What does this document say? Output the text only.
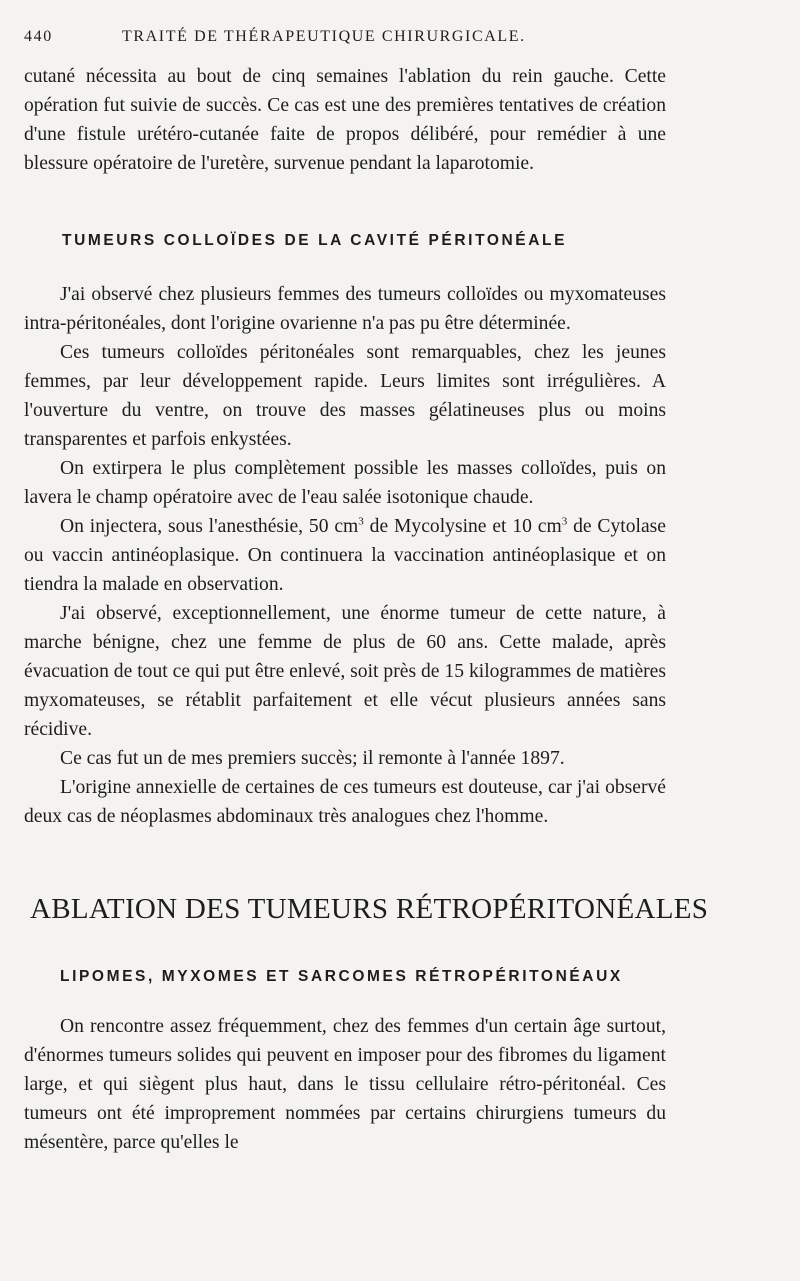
440	TRAITÉ DE THÉRAPEUTIQUE CHIRURGICALE.

cutané nécessita au bout de cinq semaines l'ablation du rein gauche. Cette opération fut suivie de succès. Ce cas est une des premières tentatives de création d'une fistule urétéro-cutanée faite de propos délibéré, pour remédier à une blessure opératoire de l'uretère, survenue pendant la laparotomie.

TUMEURS COLLOÏDES DE LA CAVITÉ PÉRITONÉALE

J'ai observé chez plusieurs femmes des tumeurs colloïdes ou myxomateuses intra-péritonéales, dont l'origine ovarienne n'a pas pu être déterminée.

Ces tumeurs colloïdes péritonéales sont remarquables, chez les jeunes femmes, par leur développement rapide. Leurs limites sont irrégulières. A l'ouverture du ventre, on trouve des masses gélatineuses plus ou moins transparentes et parfois enkystées.

On extirpera le plus complètement possible les masses colloïdes, puis on lavera le champ opératoire avec de l'eau salée isotonique chaude.

On injectera, sous l'anesthésie, 50 $cm^3$ de Mycolysine et 10 $cm^3$ de Cytolase ou vaccin antinéoplasique. On continuera la vaccination antinéoplasique et on tiendra la malade en observation.

J'ai observé, exceptionnellement, une énorme tumeur de cette nature, à marche bénigne, chez une femme de plus de 60 ans. Cette malade, après évacuation de tout ce qui put être enlevé, soit près de 15 kilogrammes de matières myxomateuses, se rétablit parfaitement et elle vécut plusieurs années sans récidive.

Ce cas fut un de mes premiers succès; il remonte à l'année 1897.

L'origine annexielle de certaines de ces tumeurs est douteuse, car j'ai observé deux cas de néoplasmes abdominaux très analogues chez l'homme.

ABLATION DES TUMEURS RÉTROPÉRITONÉALES
LIPOMES, MYXOMES ET SARCOMES RÉTROPÉRITONÉAUX

On rencontre assez fréquemment, chez des femmes d'un certain âge surtout, d'énormes tumeurs solides qui peuvent en imposer pour des fibromes du ligament large, et qui siègent plus haut, dans le tissu cellulaire rétro-péritonéal. Ces tumeurs ont été improprement nommées par certains chirurgiens tumeurs du mésentère, parce qu'elles le
